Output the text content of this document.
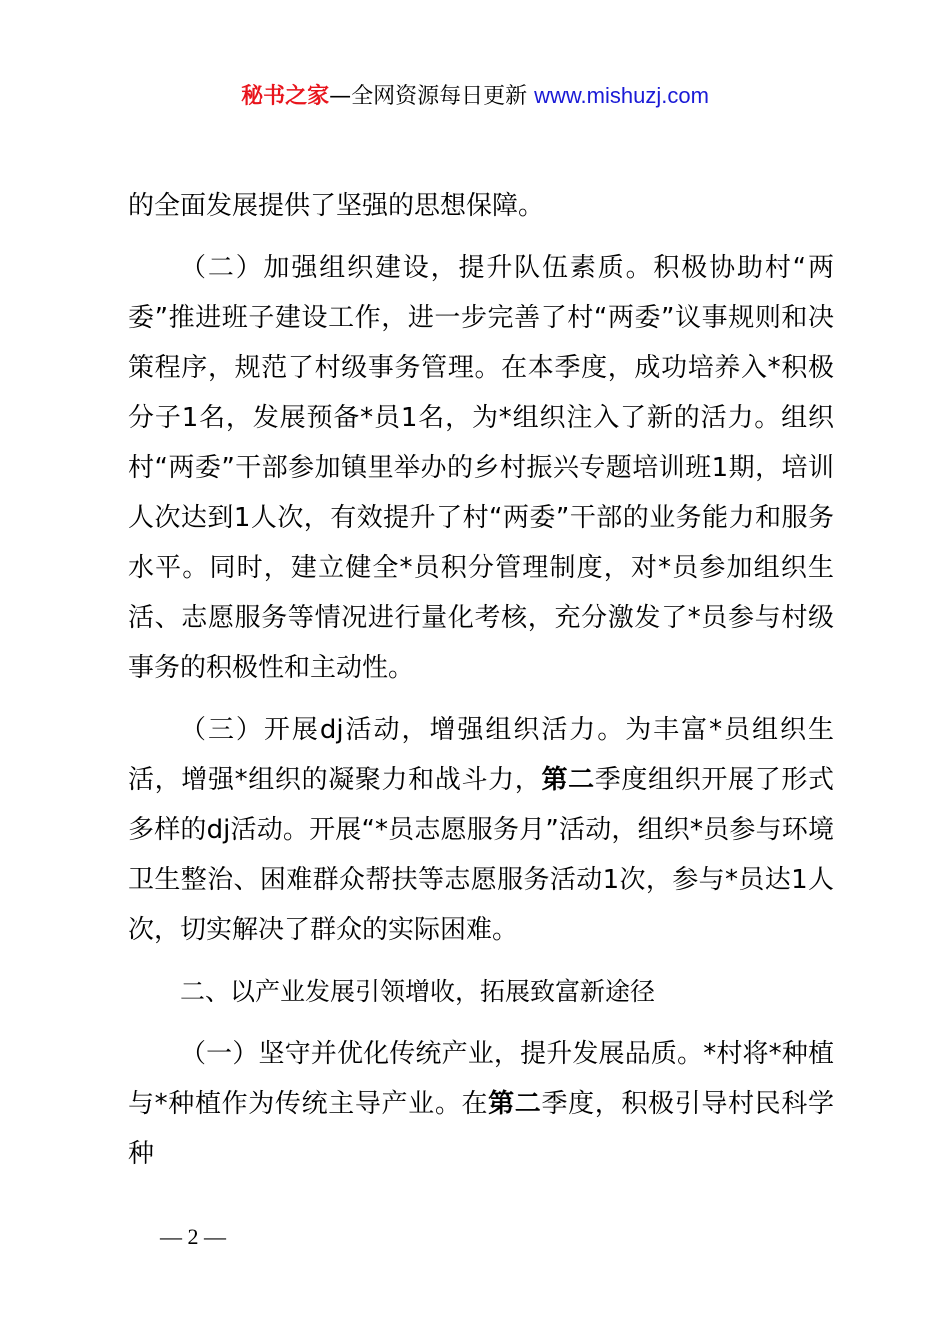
秘书之家—全网资源每日更新 www.mishuzj.com

的全面发展提供了坚强的思想保障。

（二）加强组织建设，提升队伍素质。积极协助村“两委”推进班子建设工作，进一步完善了村“两委”议事规则和决策程序，规范了村级事务管理。在本季度，成功培养入*积极分子1名，发展预备*员1名，为*组织注入了新的活力。组织村“两委”干部参加镇里举办的乡村振兴专题培训班1期，培训人次达到1人次，有效提升了村“两委”干部的业务能力和服务水平。同时，建立健全*员积分管理制度，对*员参加组织生活、志愿服务等情况进行量化考核，充分激发了*员参与村级事务的积极性和主动性。

（三）开展dj活动，增强组织活力。为丰富*员组织生活，增强*组织的凝聚力和战斗力，第二季度组织开展了形式多样的dj活动。开展“*员志愿服务月”活动，组织*员参与环境卫生整治、困难群众帮扶等志愿服务活动1次，参与*员达1人次，切实解决了群众的实际困难。

二、以产业发展引领增收，拓展致富新途径

（一）坚守并优化传统产业，提升发展品质。*村将*种植与*种植作为传统主导产业。在第二季度，积极引导村民科学种

— 2 —
